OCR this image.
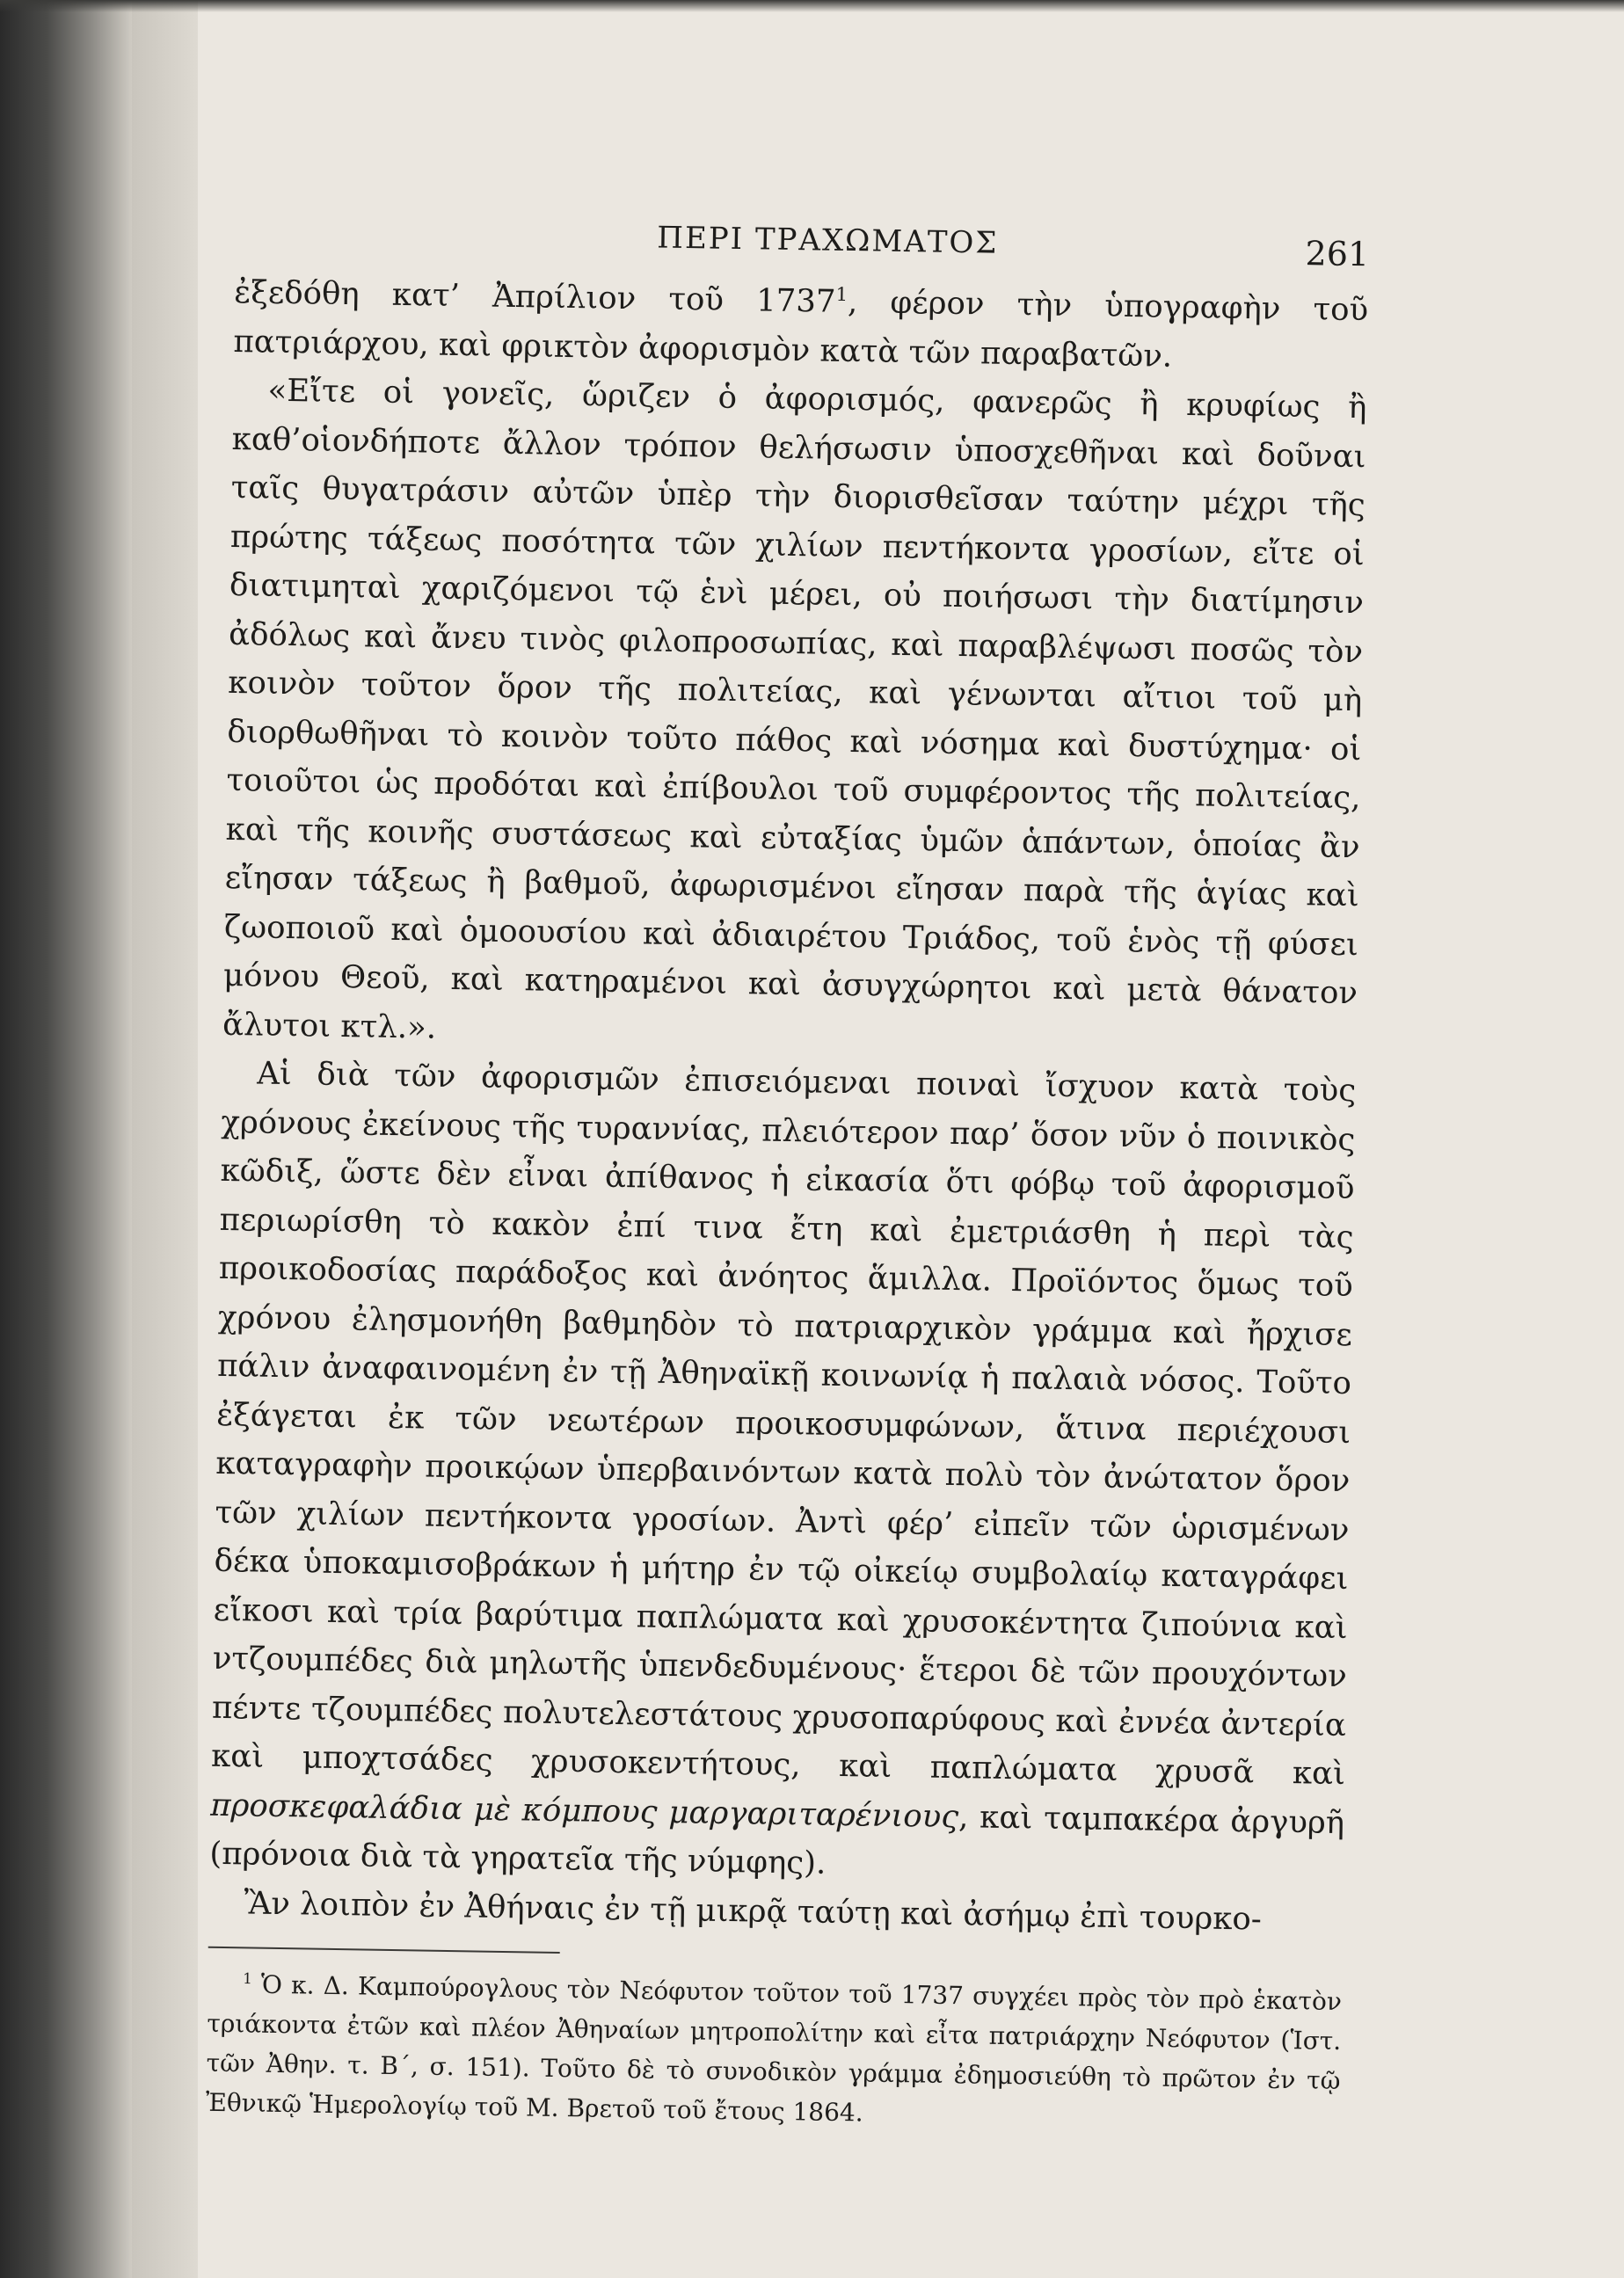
ΠΕΡΙ ΤΡΑΧΩΜΑΤΟΣ	261

ἐξεδόθη κατ’ Ἀπρίλιον τοῦ 1737$^1$, φέρον τὴν ὑπογραφὴν τοῦ πατριάρχου, καὶ φρικτὸν ἀφορισμὸν κατὰ τῶν παραβατῶν.

«Εἴτε οἱ γονεῖς, ὥριζεν ὁ ἀφορισμός, φανερῶς ἢ κρυφίως ἢ καθ’οἱονδήποτε ἄλλον τρόπον θελήσωσιν ὑποσχεθῆναι καὶ δοῦναι ταῖς θυγατράσιν αὐτῶν ὑπὲρ τὴν διορισθεῖσαν ταύτην μέχρι τῆς πρώτης τάξεως ποσότητα τῶν χιλίων πεντήκοντα γροσίων, εἴτε οἱ διατιμηταὶ χαριζόμενοι τῷ ἑνὶ μέρει, οὐ ποιήσωσι τὴν διατίμησιν ἀδόλως καὶ ἄνευ τινὸς φιλοπροσωπίας, καὶ παραβλέψωσι ποσῶς τὸν κοινὸν τοῦτον ὅρον τῆς πολιτείας, καὶ γένωνται αἴτιοι τοῦ μὴ διορθωθῆναι τὸ κοινὸν τοῦτο πάθος καὶ νόσημα καὶ δυστύχημα· οἱ τοιοῦτοι ὡς προδόται καὶ ἐπίβουλοι τοῦ συμφέροντος τῆς πολιτείας, καὶ τῆς κοινῆς συστάσεως καὶ εὐταξίας ὑμῶν ἁπάντων, ὁποίας ἂν εἴησαν τάξεως ἢ βαθμοῦ, ἀφωρισμένοι εἴησαν παρὰ τῆς ἁγίας καὶ ζωοποιοῦ καὶ ὁμοουσίου καὶ ἀδιαιρέτου Τριάδος, τοῦ ἑνὸς τῇ φύσει μόνου Θεοῦ, καὶ κατηραμένοι καὶ ἀσυγχώρητοι καὶ μετὰ θάνατον ἄλυτοι κτλ.».

Αἱ διὰ τῶν ἀφορισμῶν ἐπισειόμεναι ποιναὶ ἴσχυον κατὰ τοὺς χρόνους ἐκείνους τῆς τυραννίας, πλειότερον παρ’ ὅσον νῦν ὁ ποινικὸς κῶδιξ, ὥστε δὲν εἶναι ἀπίθανος ἡ εἰκασία ὅτι φόβῳ τοῦ ἀφορισμοῦ περιωρίσθη τὸ κακὸν ἐπί τινα ἔτη καὶ ἐμετριάσθη ἡ περὶ τὰς προικοδοσίας παράδοξος καὶ ἀνόητος ἅμιλλα. Προϊόντος ὅμως τοῦ χρόνου ἐλησμονήθη βαθμηδὸν τὸ πατριαρχικὸν γράμμα καὶ ἤρχισε πάλιν ἀναφαινομένη ἐν τῇ Ἀθηναϊκῇ κοινωνίᾳ ἡ παλαιὰ νόσος. Τοῦτο ἐξάγεται ἐκ τῶν νεωτέρων προικοσυμφώνων, ἅτινα περιέχουσι καταγραφὴν προικῴων ὑπερβαινόντων κατὰ πολὺ τὸν ἀνώτατον ὅρον τῶν χιλίων πεντήκοντα γροσίων. Ἀντὶ φέρ’ εἰπεῖν τῶν ὡρισμένων δέκα ὑποκαμισοβράκων ἡ μήτηρ ἐν τῷ οἰκείῳ συμβολαίῳ καταγράφει εἴκοσι καὶ τρία βαρύτιμα παπλώματα καὶ χρυσοκέντητα ζιπούνια καὶ ντζουμπέδες διὰ μηλωτῆς ὑπενδεδυμένους· ἕτεροι δὲ τῶν προυχόντων πέντε τζουμπέδες πολυτελεστάτους χρυσοπαρύφους καὶ ἐννέα ἀντερία καὶ μποχτσάδες χρυσοκεντήτους, καὶ παπλώματα χρυσᾶ καὶ προσκεφαλάδια μὲ κόμπους μαργαριταρένιους, καὶ ταμπακέρα ἀργυρῆ (πρόνοια διὰ τὰ γηρατεῖα τῆς νύμφης).

Ἂν λοιπὸν ἐν Ἀθήναις ἐν τῇ μικρᾷ ταύτῃ καὶ ἀσήμῳ ἐπὶ τουρκο-

$^1$ Ὁ κ. Δ. Καμπούρογλους τὸν Νεόφυτον τοῦτον τοῦ 1737 συγχέει πρὸς τὸν πρὸ ἑκατὸν τριάκοντα ἐτῶν καὶ πλέον Ἀθηναίων μητροπολίτην καὶ εἶτα πατριάρχην Νεόφυτον (Ἱστ. τῶν Ἀθην. τ. Β΄, σ. 151). Τοῦτο δὲ τὸ συνοδικὸν γράμμα ἐδημοσιεύθη τὸ πρῶτον ἐν τῷ Ἐθνικῷ Ἡμερολογίῳ τοῦ Μ. Βρετοῦ τοῦ ἔτους 1864.
